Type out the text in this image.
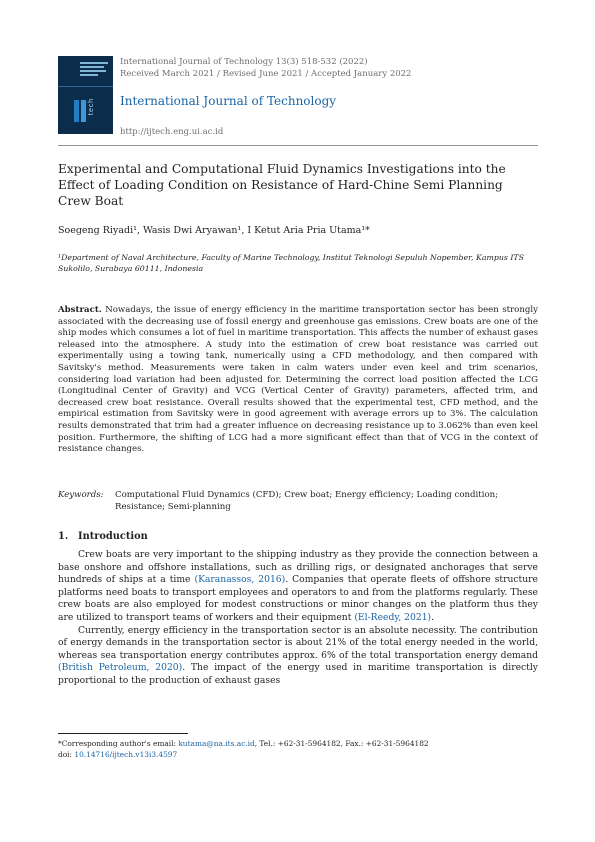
tech
International Journal of Technology 13(3) 518-532 (2022)
Received March 2021 / Revised June 2021 / Accepted January 2022
International Journal of Technology
http://ijtech.eng.ui.ac.id
Experimental and Computational Fluid Dynamics Investigations into the Effect of Loading Condition on Resistance of Hard-Chine Semi Planning Crew Boat
Soegeng Riyadi¹, Wasis Dwi Aryawan¹, I Ketut Aria Pria Utama¹*
¹Department of Naval Architecture, Faculty of Marine Technology, Institut Teknologi Sepuluh Nopember, Kampus ITS Sukolilo, Surabaya 60111, Indonesia
Abstract. Nowadays, the issue of energy efficiency in the maritime transportation sector has been strongly associated with the decreasing use of fossil energy and greenhouse gas emissions. Crew boats are one of the ship modes which consumes a lot of fuel in maritime transportation. This affects the number of exhaust gases released into the atmosphere. A study into the estimation of crew boat resistance was carried out experimentally using a towing tank, numerically using a CFD methodology, and then compared with Savitsky's method. Measurements were taken in calm waters under even keel and trim scenarios, considering load variation had been adjusted for. Determining the correct load position affected the LCG (Longitudinal Center of Gravity) and VCG (Vertical Center of Gravity) parameters, affected trim, and decreased crew boat resistance. Overall results showed that the experimental test, CFD method, and the empirical estimation from Savitsky were in good agreement with average errors up to 3%. The calculation results demonstrated that trim had a greater influence on decreasing resistance up to 3.062% than even keel position. Furthermore, the shifting of LCG had a more significant effect than that of VCG in the context of resistance changes.
Keywords:	Computational Fluid Dynamics (CFD); Crew boat; Energy efficiency; Loading condition; Resistance; Semi-planning
1. Introduction

Crew boats are very important to the shipping industry as they provide the connection between a base onshore and offshore installations, such as drilling rigs, or designated anchorages that serve hundreds of ships at a time (Karanassos, 2016). Companies that operate fleets of offshore structure platforms need boats to transport employees and operators to and from the platforms regularly. These crew boats are also employed for modest constructions or minor changes on the platform thus they are utilized to transport teams of workers and their equipment (El-Reedy, 2021).

Currently, energy efficiency in the transportation sector is an absolute necessity. The contribution of energy demands in the transportation sector is about 21% of the total energy needed in the world, whereas sea transportation energy contributes approx. 6% of the total transportation energy demand (British Petroleum, 2020). The impact of the energy used in maritime transportation is directly proportional to the production of exhaust gases

*Corresponding author's email: kutama@na.its.ac.id, Tel.: +62-31-5964182, Fax.: +62-31-5964182
doi: 10.14716/ijtech.v13i3.4597
